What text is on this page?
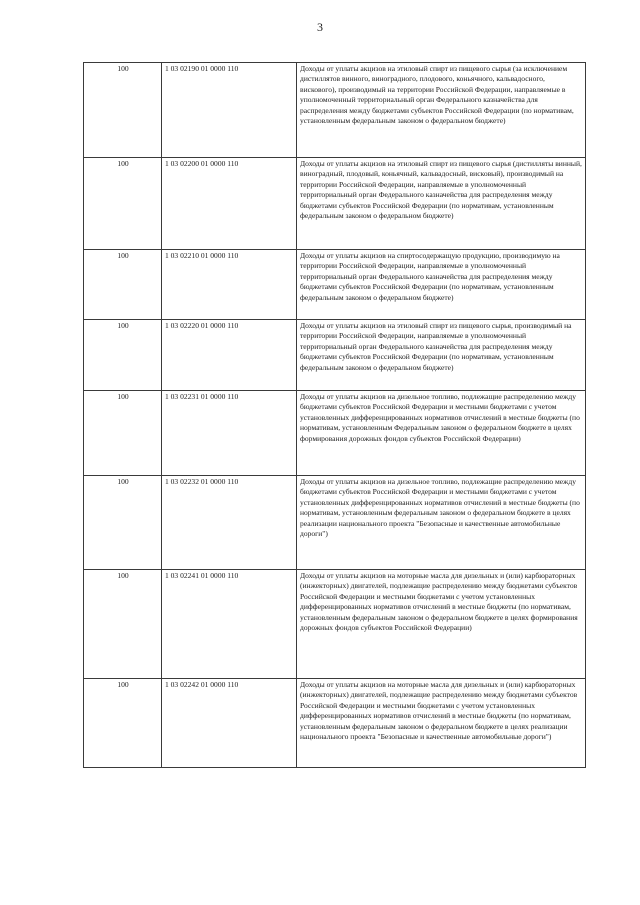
3
100	1 03 02190 01 0000 110	Доходы от уплаты акцизов на этиловый спирт из пищевого сырья (за исключением дистиллятов винного, виноградного, плодового, коньячного, кальвадосного, вискового), производимый на территории Российской Федерации, направляемые в уполномоченный территориальный орган Федерального казначейства для распределения между бюджетами субъектов Российской Федерации (по нормативам, установленным федеральным законом о федеральном бюджете)
100	1 03 02200 01 0000 110	Доходы от уплаты акцизов на этиловый спирт из пищевого сырья (дистилляты винный, виноградный, плодовый, коньячный, кальвадосный, висковый), производимый на территории Российской Федерации, направляемые в уполномоченный территориальный орган Федерального казначейства для распределения между бюджетами субъектов Российской Федерации (по нормативам, установленным федеральным законом о федеральном бюджете)
100	1 03 02210 01 0000 110	Доходы от уплаты акцизов на спиртосодержащую продукцию, производимую на территории Российской Федерации, направляемые в уполномоченный территориальный орган Федерального казначейства для распределения между бюджетами субъектов Российской Федерации (по нормативам, установленным федеральным законом о федеральном бюджете)
100	1 03 02220 01 0000 110	Доходы от уплаты акцизов на этиловый спирт из пищевого сырья, производимый на территории Российской Федерации, направляемые в уполномоченный территориальный орган Федерального казначейства для распределения между бюджетами субъектов Российской Федерации (по нормативам, установленным федеральным законом о федеральном бюджете)
100	1 03 02231 01 0000 110	Доходы от уплаты акцизов на дизельное топливо, подлежащие распределению между бюджетами субъектов Российской Федерации и местными бюджетами с учетом установленных дифференцированных нормативов отчислений в местные бюджеты (по нормативам, установленным Федеральным законом о федеральном бюджете в целях формирования дорожных фондов субъектов Российской Федерации)
100	1 03 02232 01 0000 110	Доходы от уплаты акцизов на дизельное топливо, подлежащие распределению между бюджетами субъектов Российской Федерации и местными бюджетами с учетом установленных дифференцированных нормативов отчислений в местные бюджеты (по нормативам, установленным федеральным законом о федеральном бюджете в целях реализации национального проекта "Безопасные и качественные автомобильные дороги")
100	1 03 02241 01 0000 110	Доходы от уплаты акцизов на моторные масла для дизельных и (или) карбюраторных (инжекторных) двигателей, подлежащие распределению между бюджетами субъектов Российской Федерации и местными бюджетами с учетом установленных дифференцированных нормативов отчислений в местные бюджеты (по нормативам, установленным федеральным законом о федеральном бюджете в целях формирования дорожных фондов субъектов Российской Федерации)
100	1 03 02242 01 0000 110	Доходы от уплаты акцизов на моторные масла для дизельных и (или) карбюраторных (инжекторных) двигателей, подлежащие распределению между бюджетами субъектов Российской Федерации и местными бюджетами с учетом установленных дифференцированных нормативов отчислений в местные бюджеты (по нормативам, установленным федеральным законом о федеральном бюджете в целях реализации национального проекта "Безопасные и качественные автомобильные дороги")
